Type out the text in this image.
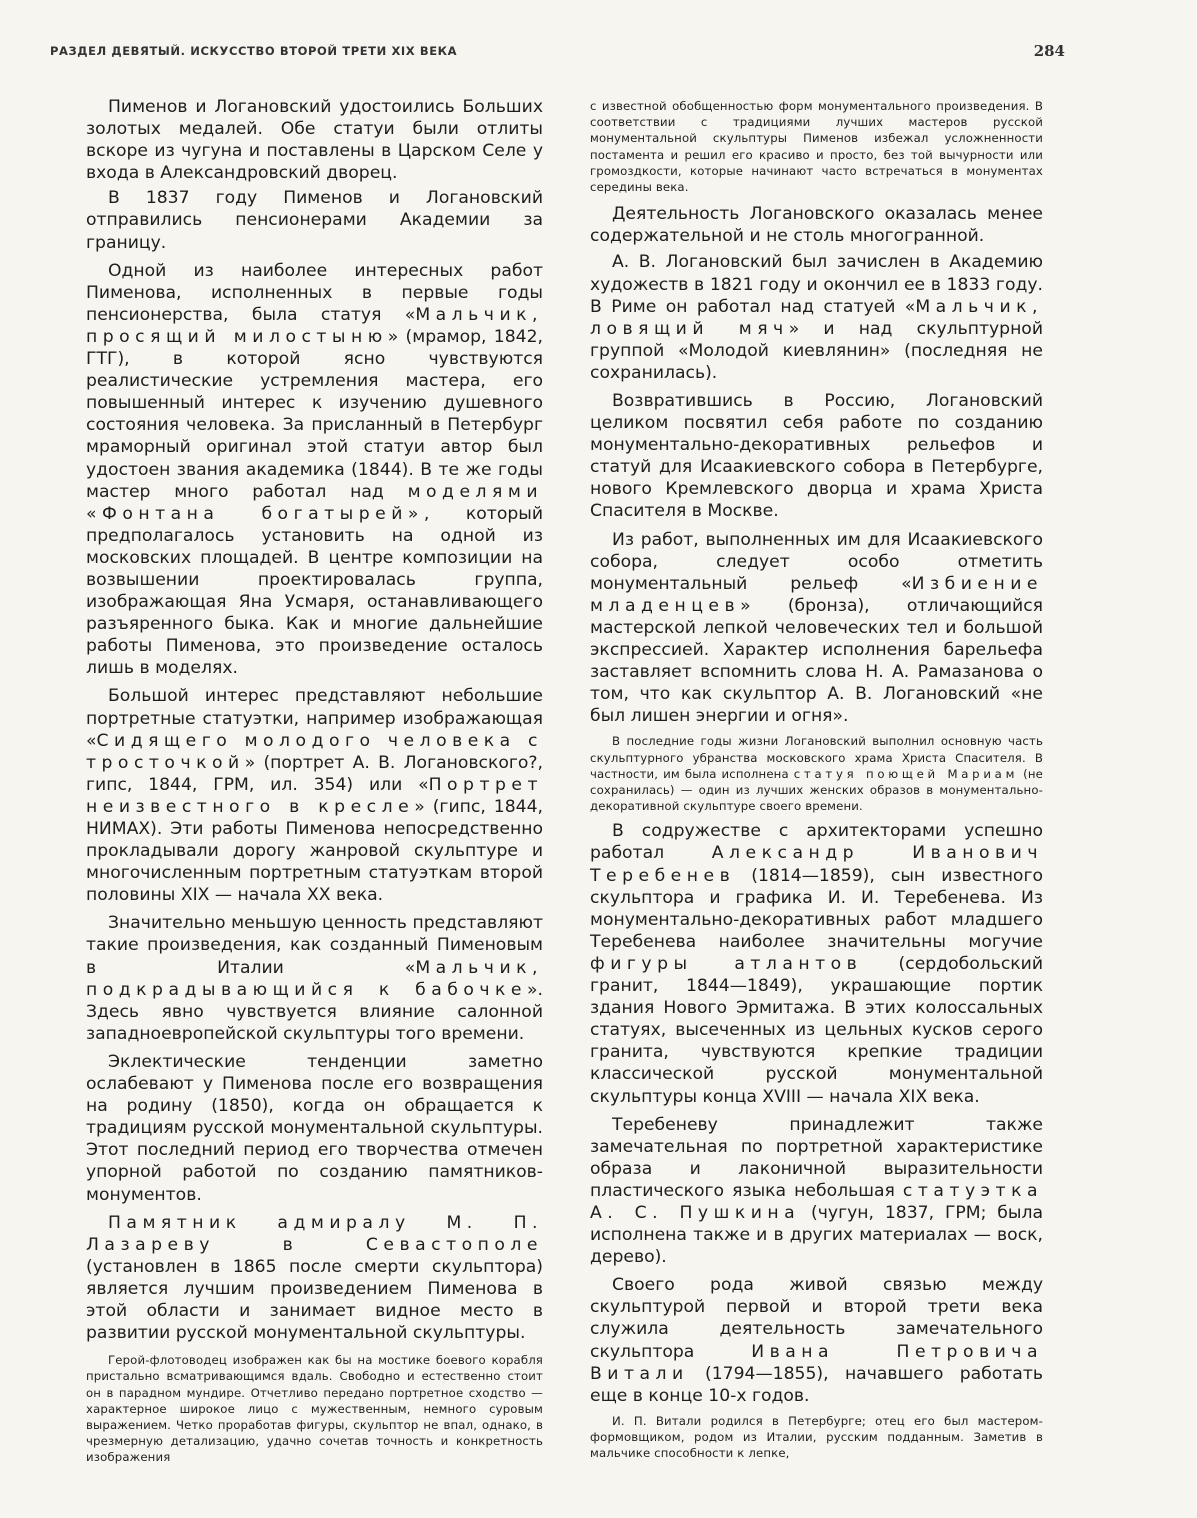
РАЗДЕЛ ДЕВЯТЫЙ. ИСКУССТВО ВТОРОЙ ТРЕТИ XIX ВЕКА	284

Пименов и Логановский удостоились Больших золотых медалей. Обе статуи были отлиты вскоре из чугуна и поставлены в Царском Селе у входа в Александровский дворец.

В 1837 году Пименов и Логановский отправились пенсионерами Академии за границу.

Одной из наиболее интересных работ Пименова, исполненных в первые годы пенсионерства, была статуя «Мальчик, просящий милостыню» (мрамор, 1842, ГТГ), в которой ясно чувствуются реалистические устремления мастера, его повышенный интерес к изучению душевного состояния человека. За присланный в Петербург мраморный оригинал этой статуи автор был удостоен звания академика (1844). В те же годы мастер много работал над моделями «Фонтана богатырей», который предполагалось установить на одной из московских площадей. В центре композиции на возвышении проектировалась группа, изображающая Яна Усмаря, останавливающего разъяренного быка. Как и многие дальнейшие работы Пименова, это произведение осталось лишь в моделях.

Большой интерес представляют небольшие портретные статуэтки, например изображающая «Сидящего молодого человека с тросточкой» (портрет А. В. Логановского?, гипс, 1844, ГРМ, ил. 354) или «Портрет неизвестного в кресле» (гипс, 1844, НИМАХ). Эти работы Пименова непосредственно прокладывали дорогу жанровой скульптуре и многочисленным портретным статуэткам второй половины XIX — начала XX века.

Значительно меньшую ценность представляют такие произведения, как созданный Пименовым в Италии «Мальчик, подкрадывающийся к бабочке». Здесь явно чувствуется влияние салонной западноевропейской скульптуры того времени.

Эклектические тенденции заметно ослабевают у Пименова после его возвращения на родину (1850), когда он обращается к традициям русской монументальной скульптуры. Этот последний период его творчества отмечен упорной работой по созданию памятников-монументов.

Памятник адмиралу М. П. Лазареву в Севастополе (установлен в 1865 после смерти скульптора) является лучшим произведением Пименова в этой области и занимает видное место в развитии русской монументальной скульптуры.

Герой-флотоводец изображен как бы на мостике боевого корабля пристально всматривающимся вдаль. Свободно и естественно стоит он в парадном мундире. Отчетливо передано портретное сходство — характерное широкое лицо с мужественным, немного суровым выражением. Четко проработав фигуры, скульптор не впал, однако, в чрезмерную детализацию, удачно сочетав точность и конкретность изображения

с известной обобщенностью форм монументального произведения. В соответствии с традициями лучших мастеров русской монументальной скульптуры Пименов избежал усложненности постамента и решил его красиво и просто, без той вычурности или громоздкости, которые начинают часто встречаться в монументах середины века.

Деятельность Логановского оказалась менее содержательной и не столь многогранной.

А. В. Логановский был зачислен в Академию художеств в 1821 году и окончил ее в 1833 году. В Риме он работал над статуей «Мальчик, ловящий мяч» и над скульптурной группой «Молодой киевлянин» (последняя не сохранилась).

Возвратившись в Россию, Логановский целиком посвятил себя работе по созданию монументально-декоративных рельефов и статуй для Исаакиевского собора в Петербурге, нового Кремлевского дворца и храма Христа Спасителя в Москве.

Из работ, выполненных им для Исаакиевского собора, следует особо отметить монументальный рельеф «Избиение младенцев» (бронза), отличающийся мастерской лепкой человеческих тел и большой экспрессией. Характер исполнения барельефа заставляет вспомнить слова Н. А. Рамазанова о том, что как скульптор А. В. Логановский «не был лишен энергии и огня».

В последние годы жизни Логановский выполнил основную часть скульптурного убранства московского храма Христа Спасителя. В частности, им была исполнена статуя поющей Мариам (не сохранилась) — один из лучших женских образов в монументально-декоративной скульптуре своего времени.

В содружестве с архитекторами успешно работал Александр Иванович Теребенев (1814—1859), сын известного скульптора и графика И. И. Теребенева. Из монументально-декоративных работ младшего Теребенева наиболее значительны могучие фигуры атлантов (сердобольский гранит, 1844—1849), украшающие портик здания Нового Эрмитажа. В этих колоссальных статуях, высеченных из цельных кусков серого гранита, чувствуются крепкие традиции классической русской монументальной скульптуры конца XVIII — начала XIX века.

Теребеневу принадлежит также замечательная по портретной характеристике образа и лаконичной выразительности пластического языка небольшая статуэтка А. С. Пушкина (чугун, 1837, ГРМ; была исполнена также и в других материалах — воск, дерево).

Своего рода живой связью между скульптурой первой и второй трети века служила деятельность замечательного скульптора Ивана Петровича Витали (1794—1855), начавшего работать еще в конце 10-х годов.

И. П. Витали родился в Петербурге; отец его был мастером-формовщиком, родом из Италии, русским подданным. Заметив в мальчике способности к лепке,
